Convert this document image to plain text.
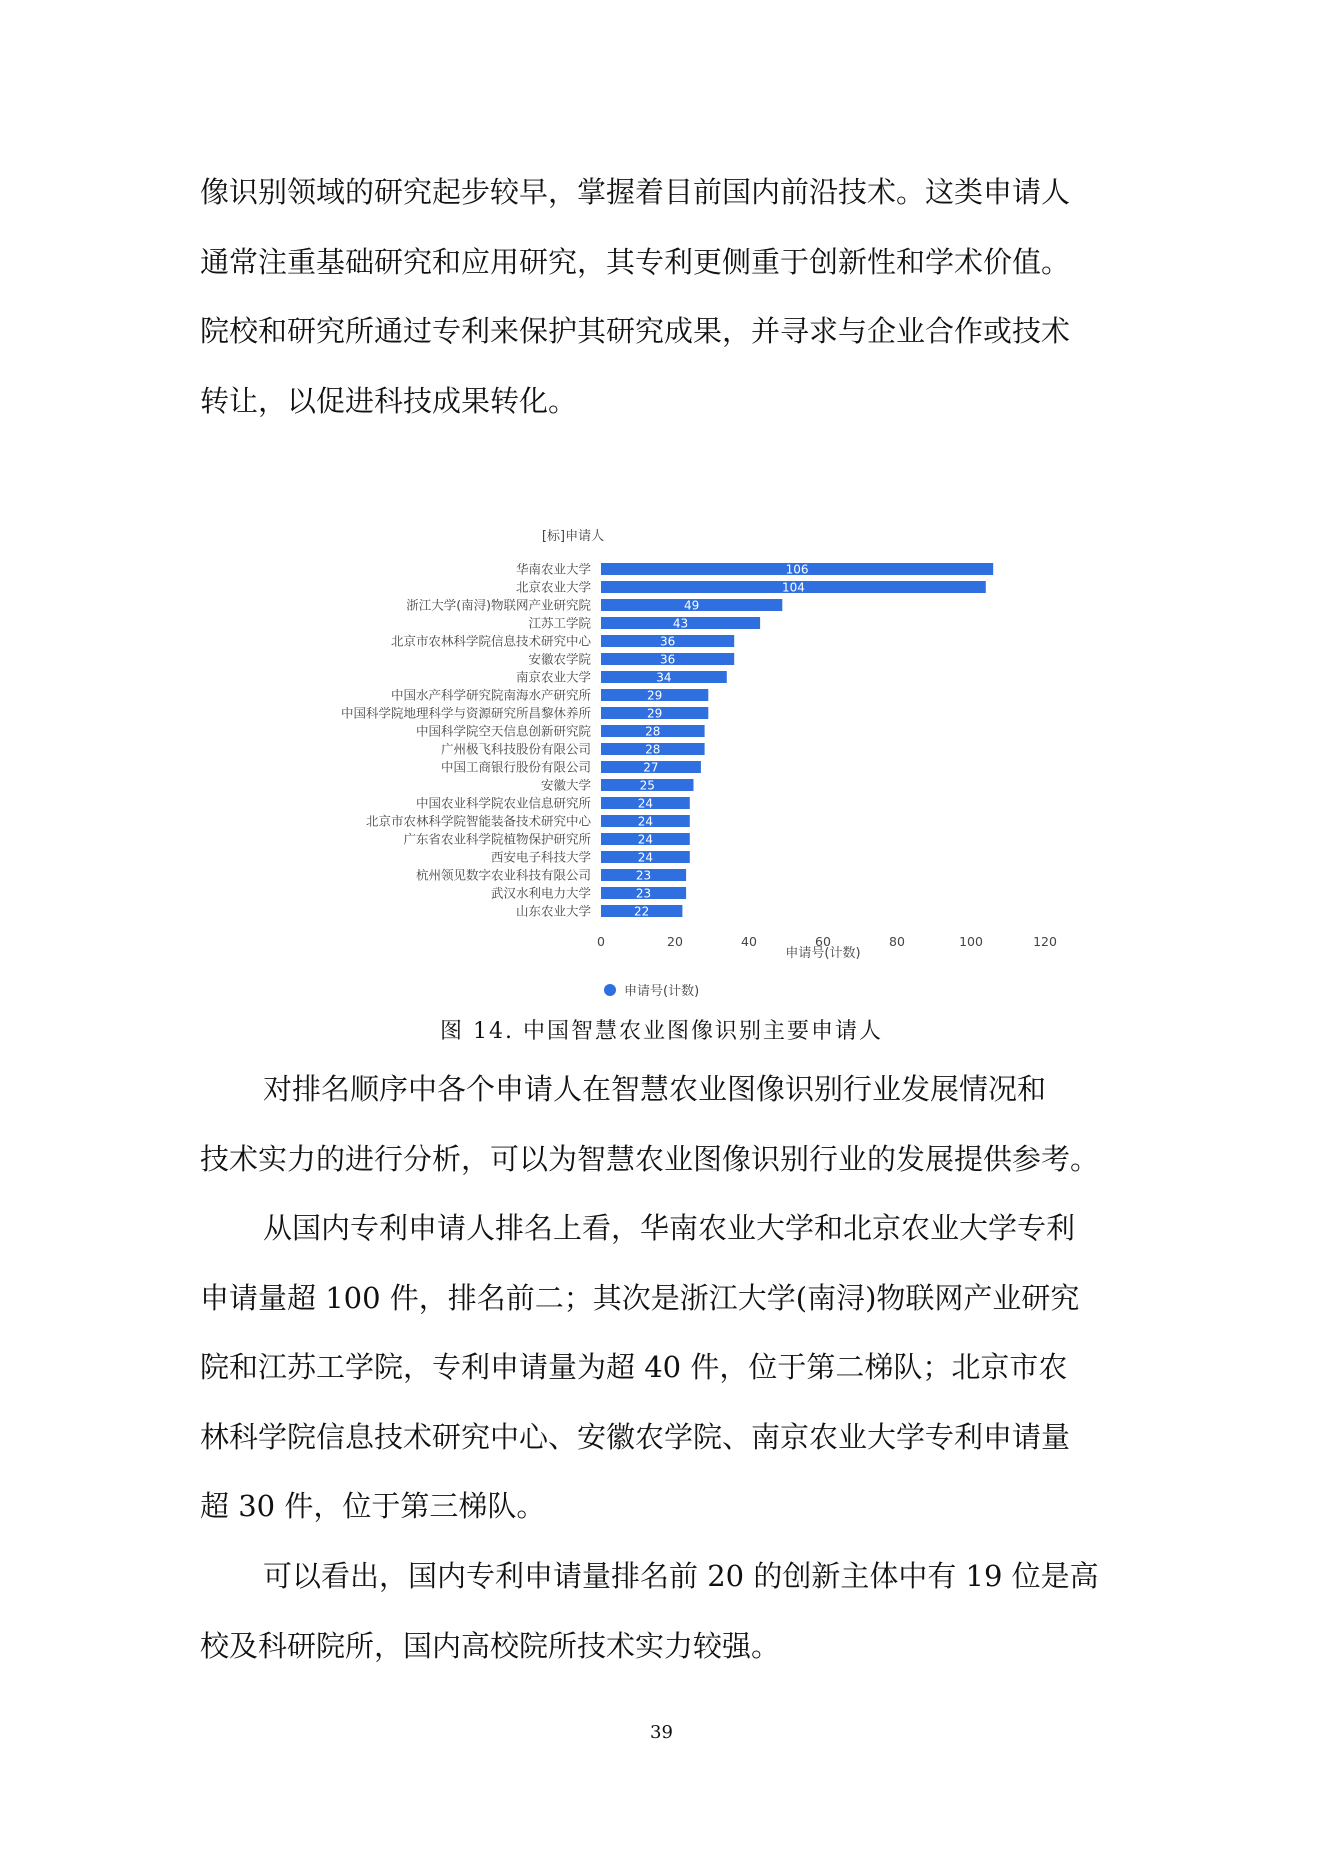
像识别领域的研究起步较早，掌握着目前国内前沿技术。这类申请人
通常注重基础研究和应用研究，其专利更侧重于创新性和学术价值。
院校和研究所通过专利来保护其研究成果，并寻求与企业合作或技术
转让，以促进科技成果转化。

[标]申请人
华南农业大学	106
北京农业大学	104
浙江大学(南浔)物联网产业研究院	49
江苏工学院	43
北京市农林科学院信息技术研究中心	36
安徽农学院	36
南京农业大学	34
中国水产科学研究院南海水产研究所	29
中国科学院地理科学与资源研究所昌黎休养所	29
中国科学院空天信息创新研究院	28
广州极飞科技股份有限公司	28
中国工商银行股份有限公司	27
安徽大学	25
中国农业科学院农业信息研究所	24
北京市农林科学院智能装备技术研究中心	24
广东省农业科学院植物保护研究所	24
西安电子科技大学	24
杭州领见数字农业科技有限公司	23
武汉水利电力大学	23
山东农业大学	22
0	20	40	60	80	100	120
申请号(计数)
申请号(计数)
图 14. 中国智慧农业图像识别主要申请人

对排名顺序中各个申请人在智慧农业图像识别行业发展情况和
技术实力的进行分析，可以为智慧农业图像识别行业的发展提供参考。

从国内专利申请人排名上看，华南农业大学和北京农业大学专利
申请量超 100 件，排名前二；其次是浙江大学(南浔)物联网产业研究
院和江苏工学院，专利申请量为超 40 件，位于第二梯队；北京市农
林科学院信息技术研究中心、安徽农学院、南京农业大学专利申请量
超 30 件，位于第三梯队。

可以看出，国内专利申请量排名前 20 的创新主体中有 19 位是高
校及科研院所，国内高校院所技术实力较强。

39
